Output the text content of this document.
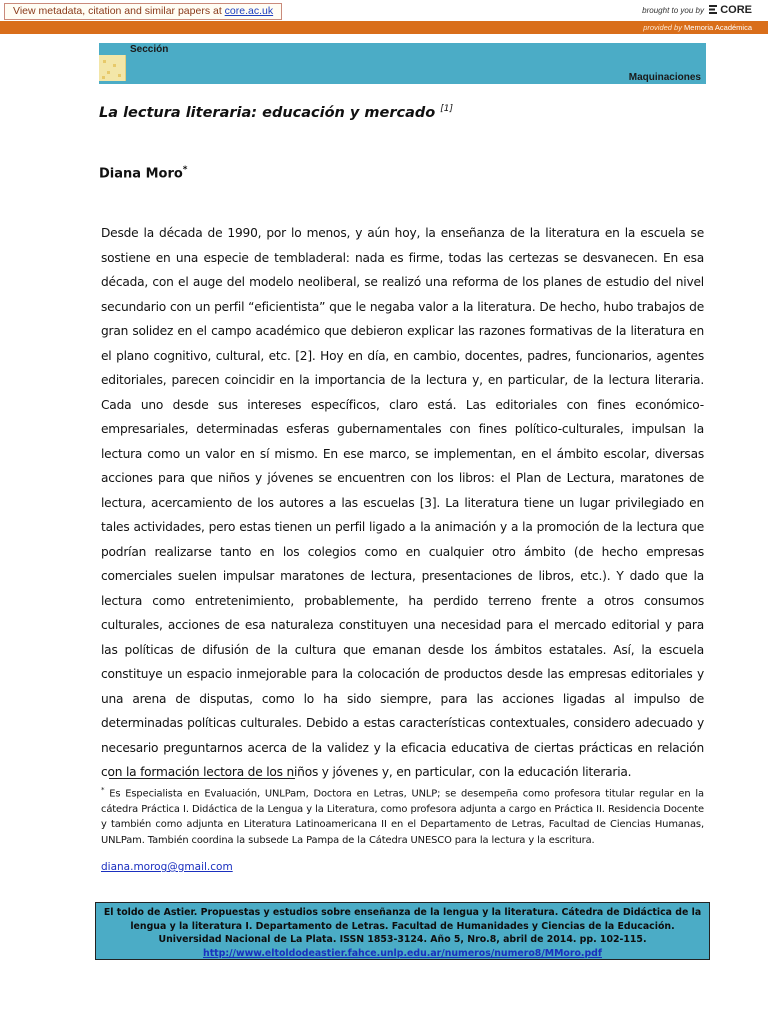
View metadata, citation and similar papers at core.ac.uk	brought to you by CORE
provided by Memoria Académica
Sección
Maquinaciones
La lectura literaria: educación y mercado [1]
Diana Moro*

Desde la década de 1990, por lo menos, y aún hoy, la enseñanza de la literatura en la escuela se sostiene en una especie de tembladeral: nada es firme, todas las certezas se desvanecen. En esa década, con el auge del modelo neoliberal, se realizó una reforma de los planes de estudio del nivel secundario con un perfil “eficientista” que le negaba valor a la literatura. De hecho, hubo trabajos de gran solidez en el campo académico que debieron explicar las razones formativas de la literatura en el plano cognitivo, cultural, etc. [2]. Hoy en día, en cambio, docentes, padres, funcionarios, agentes editoriales, parecen coincidir en la importancia de la lectura y, en particular, de la lectura literaria. Cada uno desde sus intereses específicos, claro está. Las editoriales con fines económico-empresariales, determinadas esferas gubernamentales con fines político-culturales, impulsan la lectura como un valor en sí mismo. En ese marco, se implementan, en el ámbito escolar, diversas acciones para que niños y jóvenes se encuentren con los libros: el Plan de Lectura, maratones de lectura, acercamiento de los autores a las escuelas [3]. La literatura tiene un lugar privilegiado en tales actividades, pero estas tienen un perfil ligado a la animación y a la promoción de la lectura que podrían realizarse tanto en los colegios como en cualquier otro ámbito (de hecho empresas comerciales suelen impulsar maratones de lectura, presentaciones de libros, etc.). Y dado que la lectura como entretenimiento, probablemente, ha perdido terreno frente a otros consumos culturales, acciones de esa naturaleza constituyen una necesidad para el mercado editorial y para las políticas de difusión de la cultura que emanan desde los ámbitos estatales. Así, la escuela constituye un espacio inmejorable para la colocación de productos desde las empresas editoriales y una arena de disputas, como lo ha sido siempre, para las acciones ligadas al impulso de determinadas políticas culturales. Debido a estas características contextuales, considero adecuado y necesario preguntarnos acerca de la validez y la eficacia educativa de ciertas prácticas en relación con la formación lectora de los niños y jóvenes y, en particular, con la educación literaria.

* Es Especialista en Evaluación, UNLPam, Doctora en Letras, UNLP; se desempeña como profesora titular regular en la cátedra Práctica I. Didáctica de la Lengua y la Literatura, como profesora adjunta a cargo en Práctica II. Residencia Docente y también como adjunta en Literatura Latinoamericana II en el Departamento de Letras, Facultad de Ciencias Humanas, UNLPam. También coordina la subsede La Pampa de la Cátedra UNESCO para la lectura y la escritura.
diana.morog@gmail.com
El toldo de Astier. Propuestas y estudios sobre enseñanza de la lengua y la literatura. Cátedra de Didáctica de la lengua y la literatura I. Departamento de Letras. Facultad de Humanidades y Ciencias de la Educación. Universidad Nacional de La Plata. ISSN 1853-3124. Año 5, Nro.8, abril de 2014. pp. 102-115.
http://www.eltoldodeastier.fahce.unlp.edu.ar/numeros/numero8/MMoro.pdf
